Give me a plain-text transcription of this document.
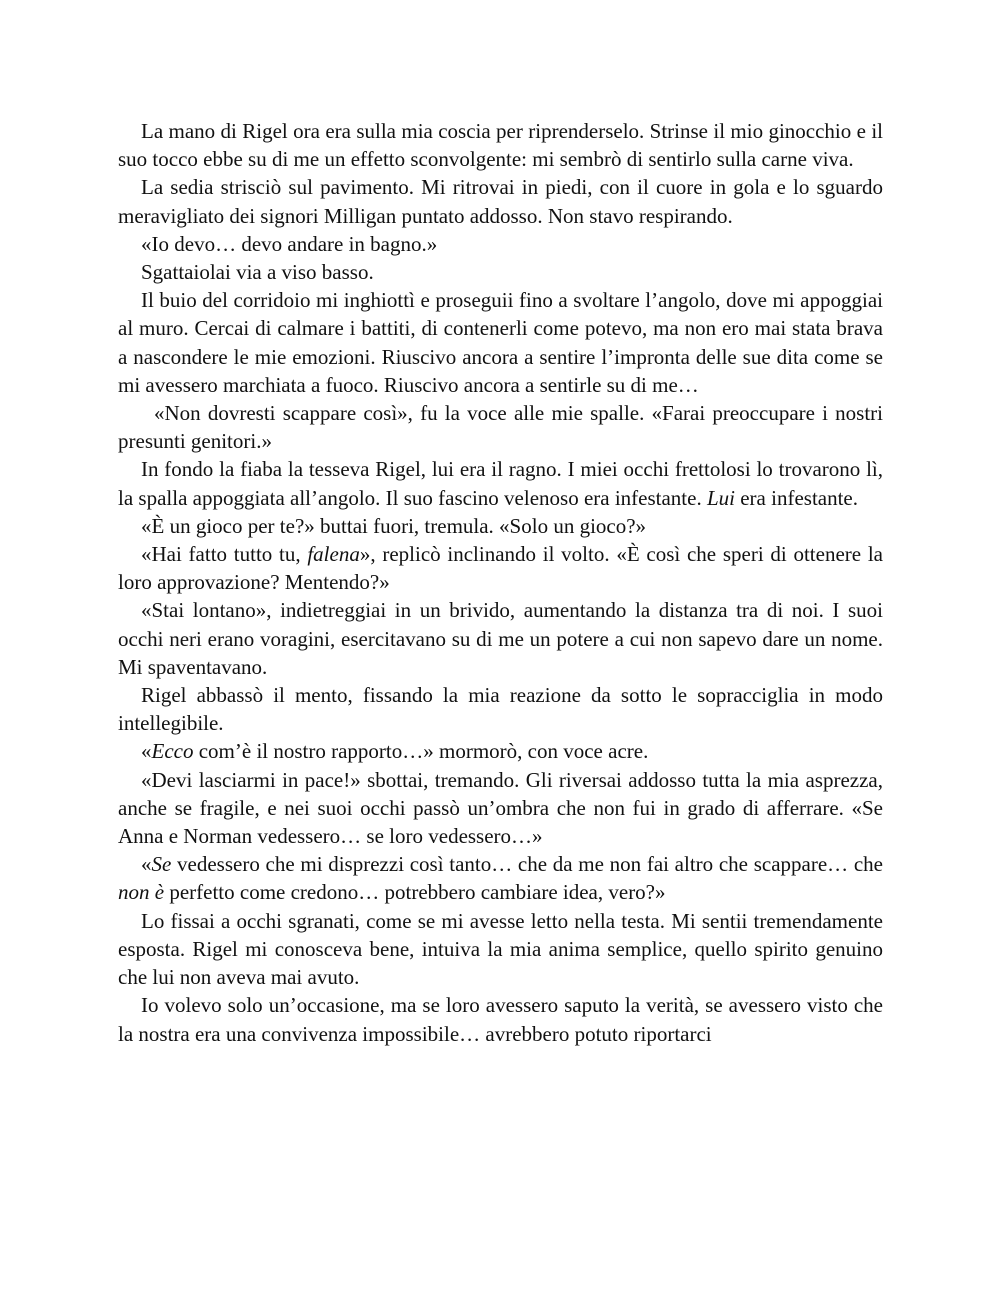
La mano di Rigel ora era sulla mia coscia per riprenderselo. Strinse il mio ginocchio e il suo tocco ebbe su di me un effetto sconvolgente: mi sembrò di sentirlo sulla carne viva.

La sedia strisciò sul pavimento. Mi ritrovai in piedi, con il cuore in gola e lo sguardo meravigliato dei signori Milligan puntato addosso. Non stavo respirando.

«Io devo… devo andare in bagno.»

Sgattaiolai via a viso basso.

Il buio del corridoio mi inghiottì e proseguii fino a svoltare l’angolo, dove mi appoggiai al muro. Cercai di calmare i battiti, di contenerli come potevo, ma non ero mai stata brava a nascondere le mie emozioni. Riuscivo ancora a sentire l’impronta delle sue dita come se mi avessero marchiata a fuoco. Riuscivo ancora a sentirle su di me…

«Non dovresti scappare così», fu la voce alle mie spalle. «Farai preoccupare i nostri presunti genitori.»

In fondo la fiaba la tesseva Rigel, lui era il ragno. I miei occhi frettolosi lo trovarono lì, la spalla appoggiata all’angolo. Il suo fascino velenoso era infestante. Lui era infestante.

«È un gioco per te?» buttai fuori, tremula. «Solo un gioco?»

«Hai fatto tutto tu, falena», replicò inclinando il volto. «È così che speri di ottenere la loro approvazione? Mentendo?»

«Stai lontano», indietreggiai in un brivido, aumentando la distanza tra di noi. I suoi occhi neri erano voragini, esercitavano su di me un potere a cui non sapevo dare un nome. Mi spaventavano.

Rigel abbassò il mento, fissando la mia reazione da sotto le sopracciglia in modo intellegibile.

«Ecco com’è il nostro rapporto…» mormorò, con voce acre.

«Devi lasciarmi in pace!» sbottai, tremando. Gli riversai addosso tutta la mia asprezza, anche se fragile, e nei suoi occhi passò un’ombra che non fui in grado di afferrare. «Se Anna e Norman vedessero… se loro vedessero…»

«Se vedessero che mi disprezzi così tanto… che da me non fai altro che scappare… che non è perfetto come credono… potrebbero cambiare idea, vero?»

Lo fissai a occhi sgranati, come se mi avesse letto nella testa. Mi sentii tremendamente esposta. Rigel mi conosceva bene, intuiva la mia anima semplice, quello spirito genuino che lui non aveva mai avuto.

Io volevo solo un’occasione, ma se loro avessero saputo la verità, se avessero visto che la nostra era una convivenza impossibile… avrebbero potuto riportarci
